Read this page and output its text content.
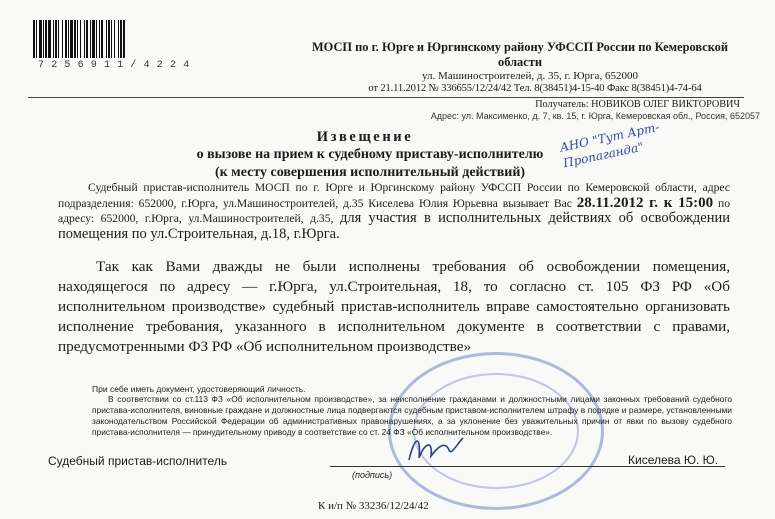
7256911/4224
МОСП по г. Юрге и Юргинскому району УФССП России по Кемеровской области
ул. Машиностроителей, д. 35, г. Юрга, 652000
от 21.11.2012 № 336655/12/24/42 Тел. 8(38451)4-15-40 Факс 8(38451)4-74-64
Получатель: НОВИКОВ ОЛЕГ ВИКТОРОВИЧ
Адрес: ул. Максименко, д. 7, кв. 15, г. Юрга, Кемеровская обл., Россия, 652057
АНО "Тут Арт-Пропаганда"
Извещение
о вызове на прием к судебному приставу-исполнителю
(к месту совершения исполнительный действий)
Судебный пристав-исполнитель МОСП по г. Юрге и Юргинскому району УФССП России по Кемеровской области, адрес подразделения: 652000, г.Юрга, ул.Машиностроителей, д.35 Киселева Юлия Юрьевна вызывает Вас 28.11.2012 г. к 15:00 по адресу: 652000, г.Юрга, ул.Машиностроителей, д.35, для участия в исполнительных действиях об освобождении помещения по ул.Строительная, д.18, г.Юрга.
Так как Вами дважды не были исполнены требования об освобождении помещения, находящегося по адресу — г.Юрга, ул.Строительная, 18, то согласно ст. 105 ФЗ РФ «Об исполнительном производстве» судебный пристав-исполнитель вправе самостоятельно организовать исполнение требования, указанного в исполнительном документе в соответствии с правами, предусмотренными ФЗ РФ «Об исполнительном производстве»
При себе иметь документ, удостоверяющий личность.
В соответствии со ст.113 ФЗ «Об исполнительном производстве», за неисполнение гражданами и должностными лицами законных требований судебного пристава-исполнителя, виновные граждане и должностные лица подвергаются судебным приставом-исполнителем штрафу в порядке и размере, установленными законодательством Российской Федерации об административных правонарушениях, а за уклонение без уважительных причин от явки по вызову судебного пристава-исполнителя — принудительному приводу в соответствие со ст. 24 ФЗ «Об исполнительном производстве».
Судебный пристав-исполнитель
(подпись)
Киселева Ю. Ю.
К и/п № 33236/12/24/42
